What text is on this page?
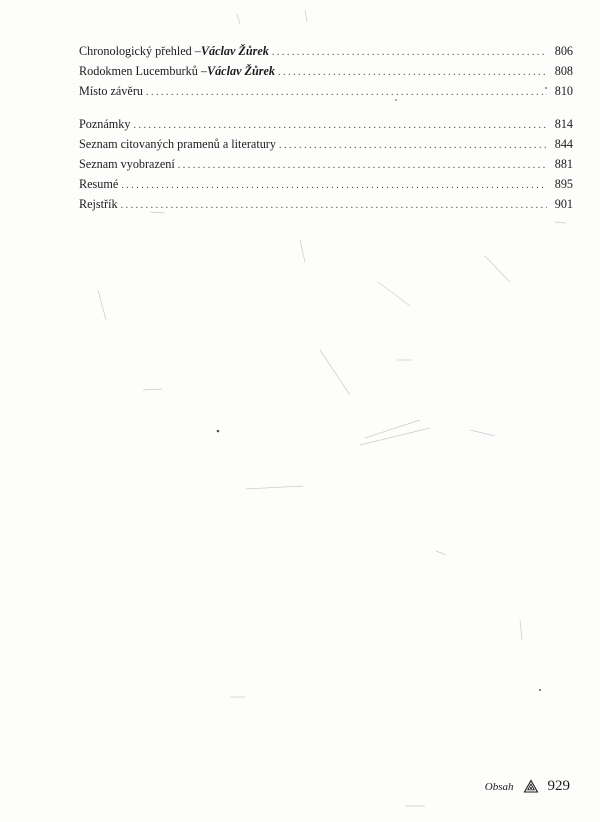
Chronologický přehled – Václav Žůrek . . .	806
Rodokmen Lucemburků – Václav Žůrek . . .	808
Místo závěru . . .	810
Poznámky . . .	814
Seznam citovaných pramenů a literatury . . .	844
Seznam vyobrazení . . .	881
Resumé . . .	895
Rejstřík . . .	901
Obsah 929
